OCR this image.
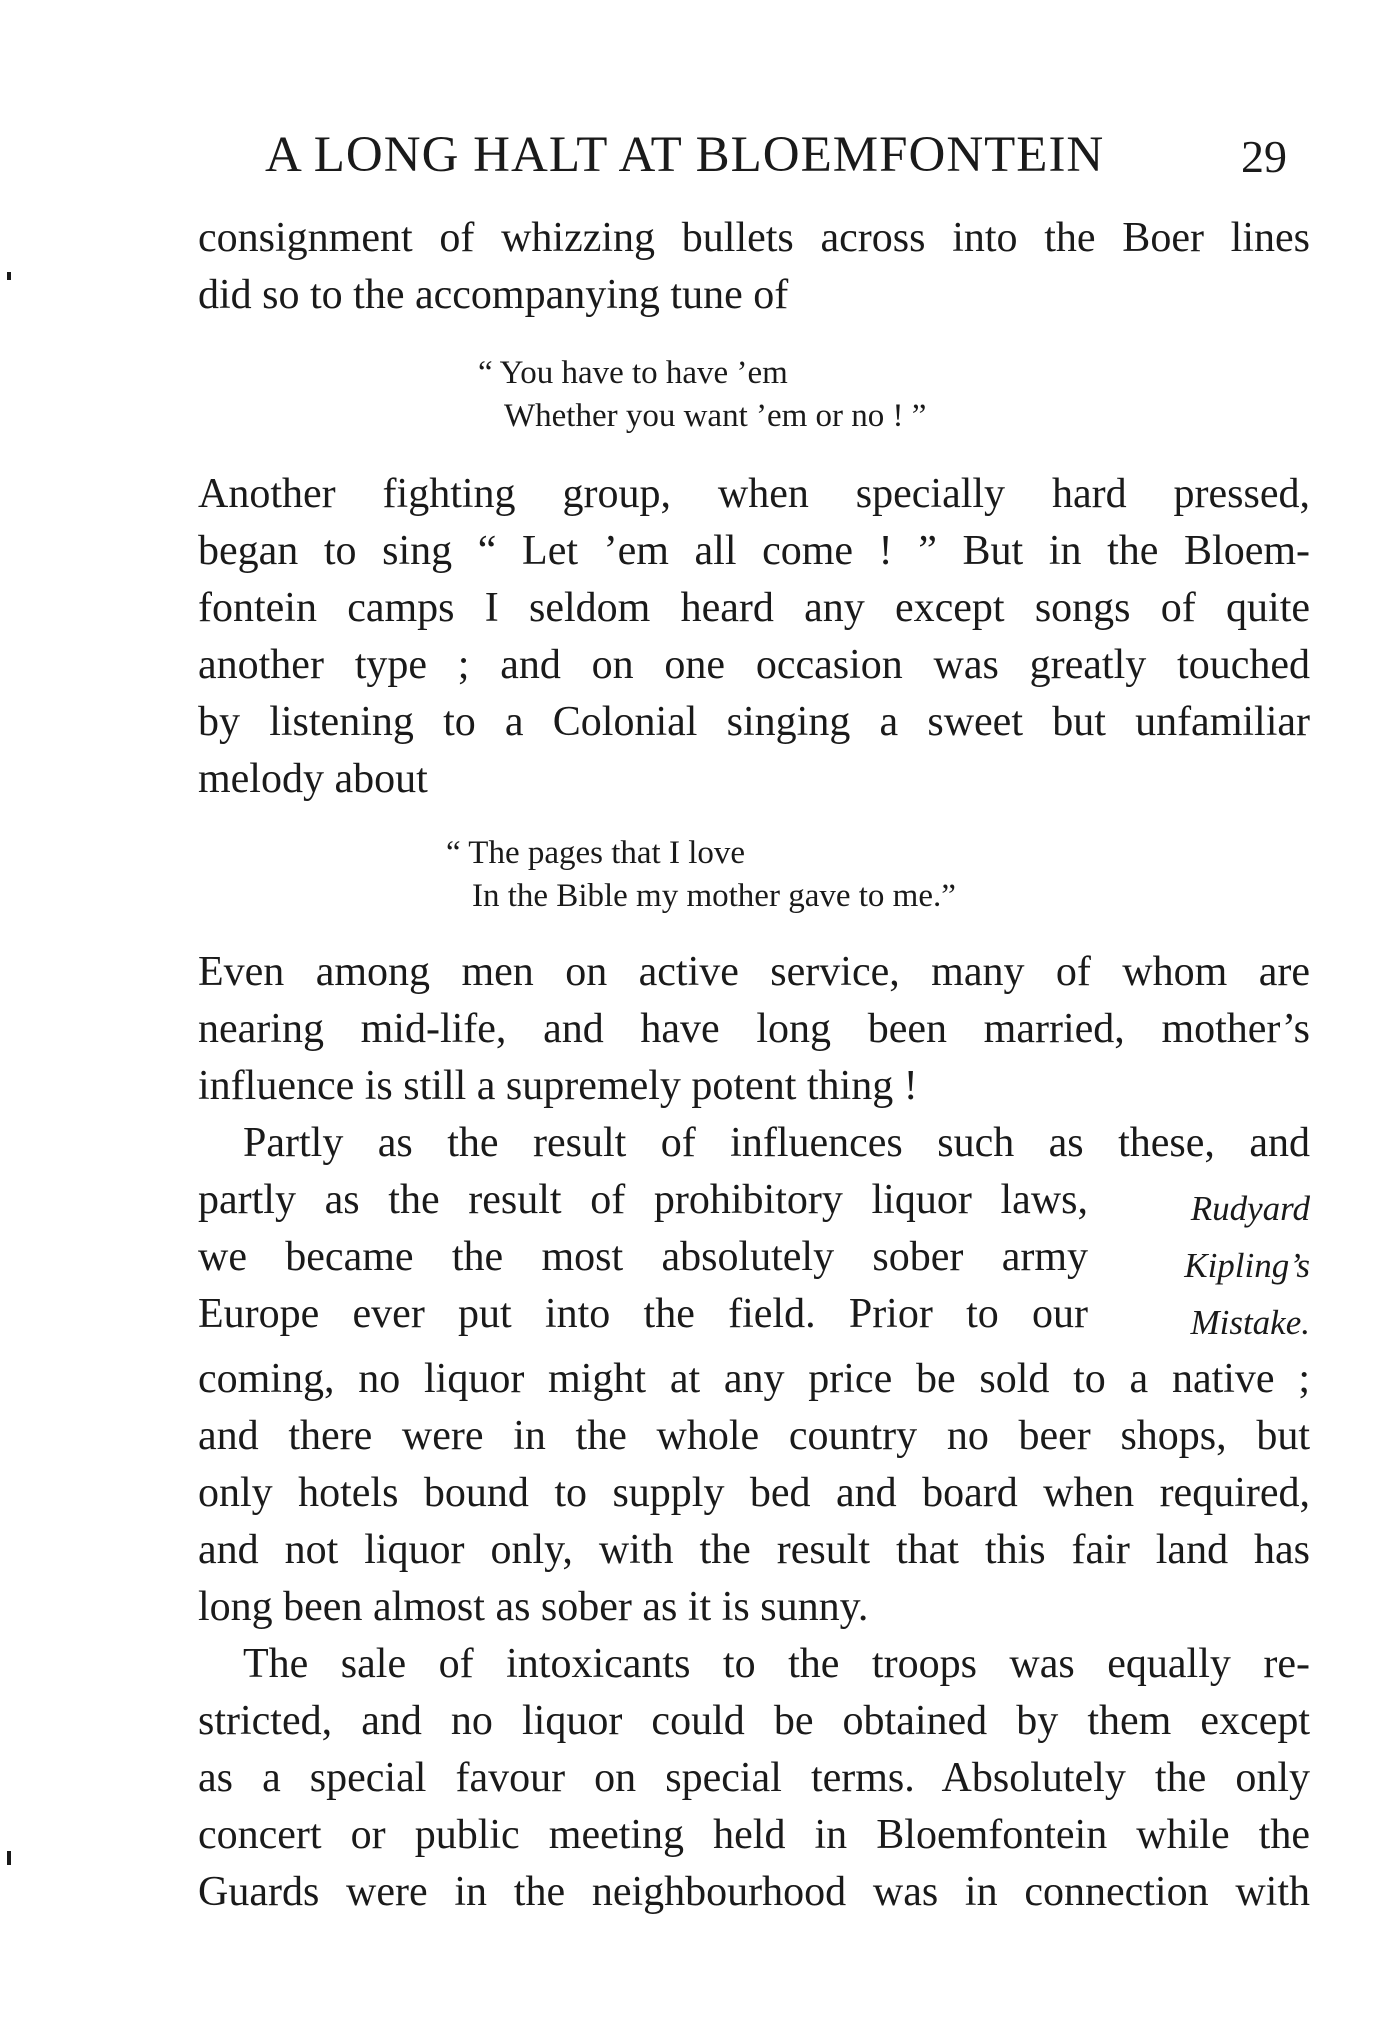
A LONG HALT AT BLOEMFONTEIN	29
consignment of whizzing bullets across into the Boer lines
did so to the accompanying tune of
“ You have to have ’em
Whether you want ’em or no ! ”
Another fighting group, when specially hard pressed,
began to sing “ Let ’em all come ! ” But in the Bloem-
fontein camps I seldom heard any except songs of quite
another type ; and on one occasion was greatly touched
by listening to a Colonial singing a sweet but unfamiliar
melody about
“ The pages that I love
In the Bible my mother gave to me.”
Even among men on active service, many of whom are
nearing mid-life, and have long been married, mother’s
influence is still a supremely potent thing !
Partly as the result of influences such as these, and
partly as the result of prohibitory liquor laws,
we became the most absolutely sober army
Europe ever put into the field. Prior to our
Rudyard
Kipling’s
Mistake.
coming, no liquor might at any price be sold to a native ;
and there were in the whole country no beer shops, but
only hotels bound to supply bed and board when required,
and not liquor only, with the result that this fair land has
long been almost as sober as it is sunny.
The sale of intoxicants to the troops was equally re-
stricted, and no liquor could be obtained by them except
as a special favour on special terms. Absolutely the only
concert or public meeting held in Bloemfontein while the
Guards were in the neighbourhood was in connection with
